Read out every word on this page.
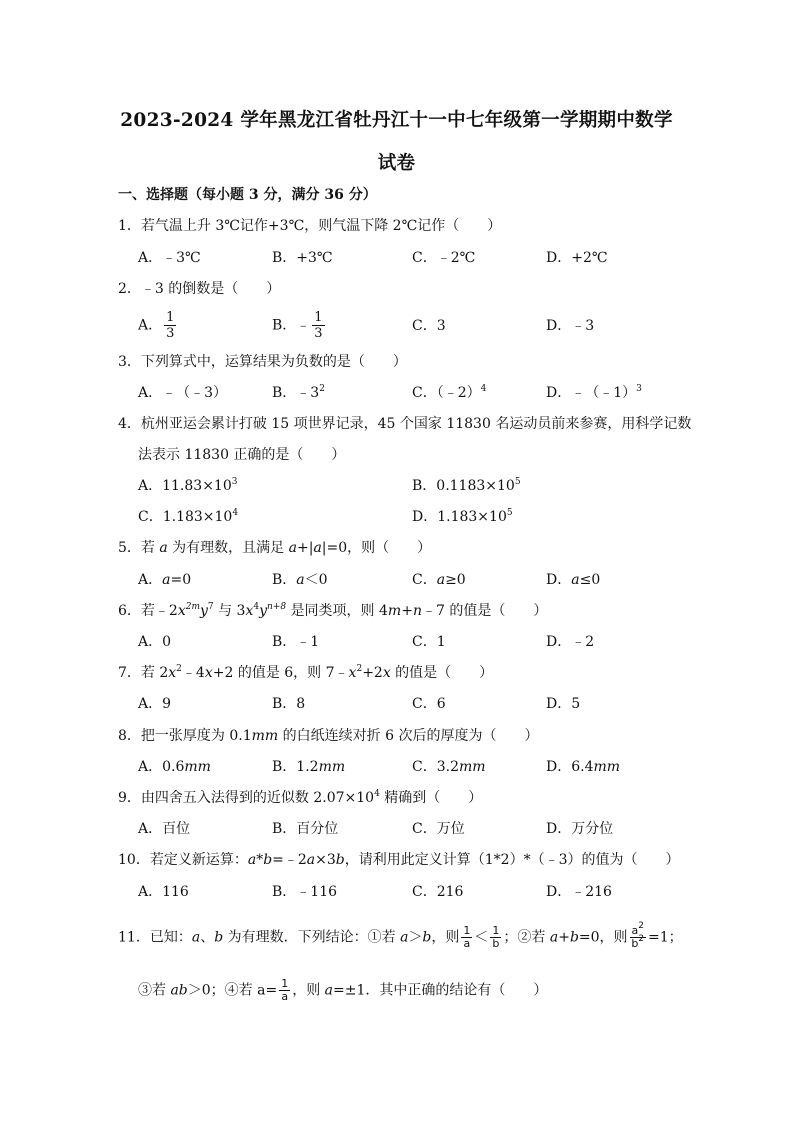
2023-2024 学年黑龙江省牡丹江十一中七年级第一学期期中数学
试卷
一、选择题（每小题 3 分，满分 36 分）
1．若气温上升 3℃记作+3℃，则气温下降 2℃记作（　　）
A．﹣3℃	B．+3℃	C．﹣2℃	D．+2℃
2．﹣3 的倒数是（　　）
A． $\frac{1}{3}$	B．﹣ $\frac{1}{3}$	C．3	D．﹣3
3．下列算式中，运算结果为负数的是（　　）
A．﹣（﹣3）	B．$﹣3^2$	C．（﹣2）$^4$	D．﹣（﹣1）$^3$
4．杭州亚运会累计打破 15 项世界记录，45 个国家 11830 名运动员前来参赛，用科学记数
法表示 11830 正确的是（　　）
A．$11.83\times 10^3$	B．$0.1183\times 10^5$
C．$1.183\times 10^4$	D．$1.183\times 10^5$
5．若 a 为有理数，且满足 a+|a|=0，则（　　）
A．a=0	B．a＜0	C．a≥0	D．a≤0
6．若$﹣2x^{2m}y^7$ 与 $3x^4y^{n+8}$ 是同类项，则 4m+n﹣7 的值是（　　）
A．0	B．﹣1	C．1	D．﹣2
7．若 $2x^2﹣4x+2$ 的值是 6，则 $7﹣x^2+2x$ 的值是（　　）
A．9	B．8	C．6	D．5
8．把一张厚度为 0.1mm 的白纸连续对折 6 次后的厚度为（　　）
A．0.6mm	B．1.2mm	C．3.2mm	D．6.4mm
9．由四舍五入法得到的近似数 $2.07\times 10^4$ 精确到（　　）
A．百位	B．百分位	C．万位	D．万分位
10．若定义新运算：a*b=﹣2a×3b，请利用此定义计算（1*2）*（﹣3）的值为（　　）
A．116	B．﹣116	C．216	D．﹣216
11．已知：a、b 为有理数．下列结论：①若 a＞b，则 $\frac{1}{a} < \frac{1}{b}$ ；②若 a+b=0，则 $\frac{a^2}{b^2} =1$；
③若 ab＞0；④若 $a= \frac{1}{a}$ ，则 a=±1．其中正确的结论有（　　）
